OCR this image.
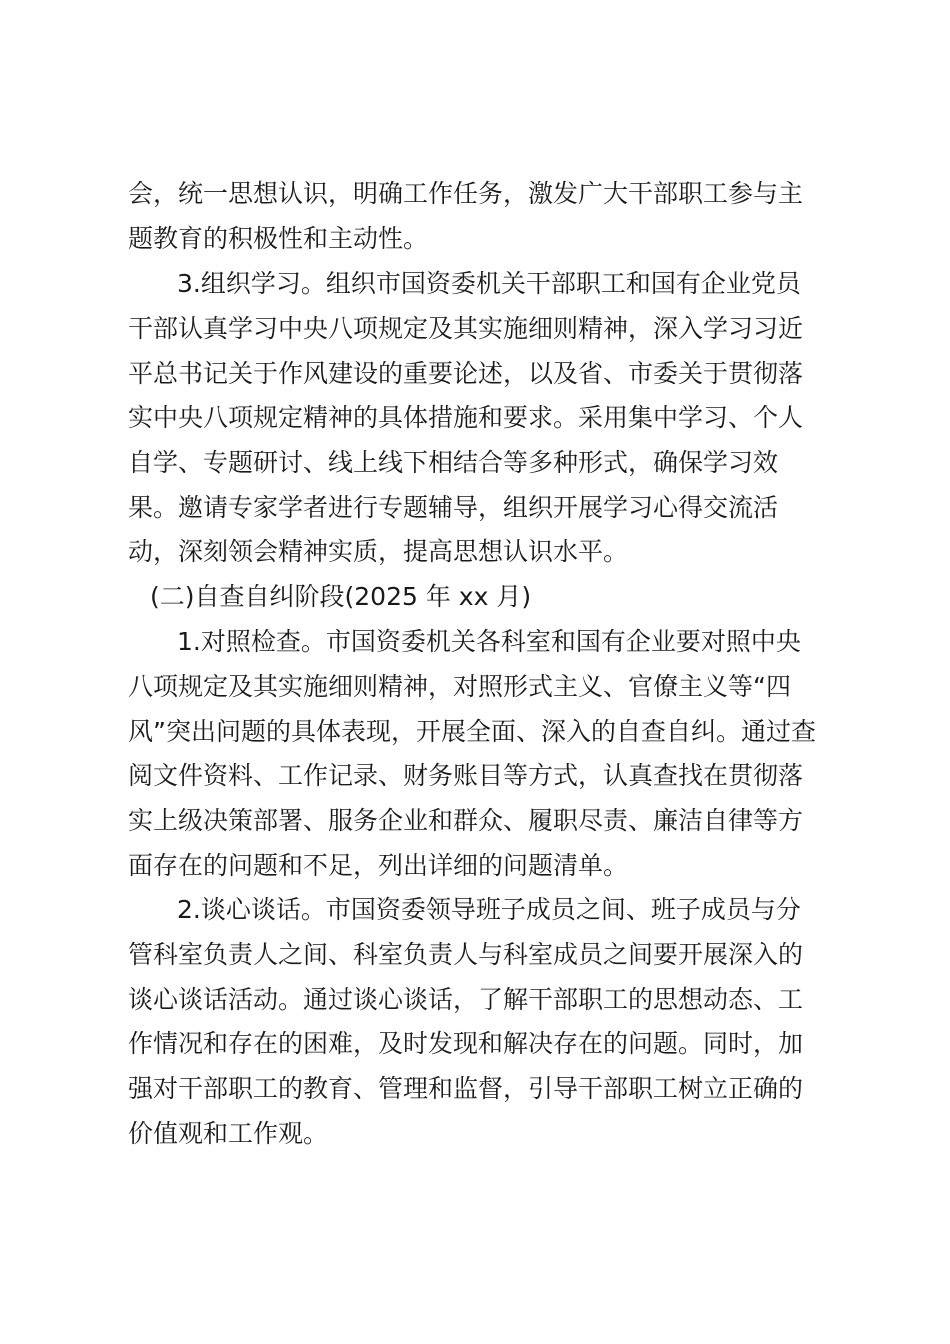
会，统一思想认识，明确工作任务，激发广大干部职工参与主
题教育的积极性和主动性。
3.组织学习。组织市国资委机关干部职工和国有企业党员
干部认真学习中央八项规定及其实施细则精神，深入学习习近
平总书记关于作风建设的重要论述，以及省、市委关于贯彻落
实中央八项规定精神的具体措施和要求。采用集中学习、个人
自学、专题研讨、线上线下相结合等多种形式，确保学习效
果。邀请专家学者进行专题辅导，组织开展学习心得交流活
动，深刻领会精神实质，提高思想认识水平。
(二)自查自纠阶段(2025 年 xx 月)
1.对照检查。市国资委机关各科室和国有企业要对照中央
八项规定及其实施细则精神，对照形式主义、官僚主义等“四
风”突出问题的具体表现，开展全面、深入的自查自纠。通过查
阅文件资料、工作记录、财务账目等方式，认真查找在贯彻落
实上级决策部署、服务企业和群众、履职尽责、廉洁自律等方
面存在的问题和不足，列出详细的问题清单。
2.谈心谈话。市国资委领导班子成员之间、班子成员与分
管科室负责人之间、科室负责人与科室成员之间要开展深入的
谈心谈话活动。通过谈心谈话，了解干部职工的思想动态、工
作情况和存在的困难，及时发现和解决存在的问题。同时，加
强对干部职工的教育、管理和监督，引导干部职工树立正确的
价值观和工作观。
